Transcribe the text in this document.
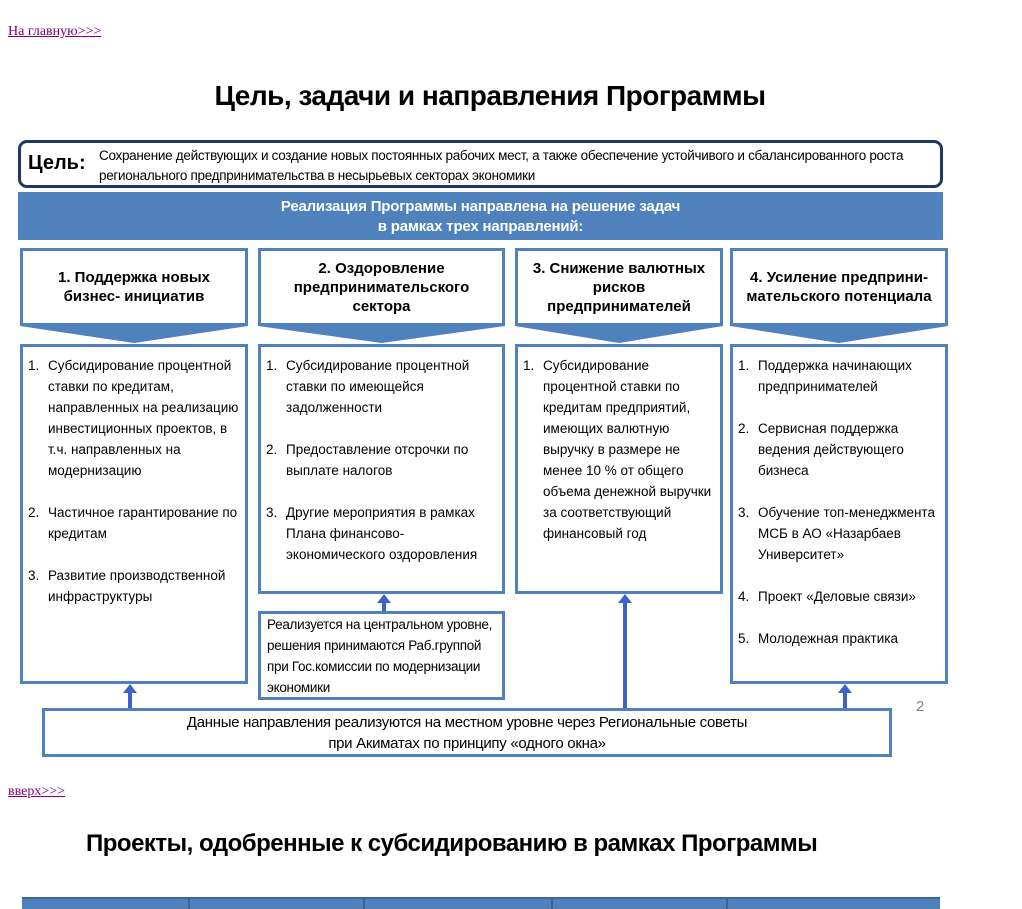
На главную>>>
Цель, задачи и направления Программы
Цель: Сохранение действующих и создание новых постоянных рабочих мест, а также обеспечение устойчивого и сбалансированного роста регионального предпринимательства в несырьевых секторах экономики
Реализация Программы направлена на решение задач
в рамках трех направлений:
1. Поддержка новых бизнес- инициатив
1. Субсидирование процентной ставки по кредитам, направленных на реализацию инвестиционных проектов, в т.ч. направленных на модернизацию
2. Частичное гарантирование по кредитам
3. Развитие производственной инфраструктуры
2. Оздоровление предпринимательского сектора
1. Субсидирование процентной ставки по имеющейся задолженности
2. Предоставление отсрочки по выплате налогов
3. Другие мероприятия в рамках Плана финансово-экономического оздоровления
3. Снижение валютных рисков предпринимателей
1. Субсидирование процентной ставки по кредитам предприятий, имеющих валютную выручку в размере не менее 10 % от общего объема денежной выручки за соответствующий финансовый год
4. Усиление предприни- мательского потенциала
1. Поддержка начинающих предпринимателей
2. Сервисная поддержка ведения действующего бизнеса
3. Обучение топ-менеджмента МСБ в АО «Назарбаев Университет»
4. Проект «Деловые связи»
5. Молодежная практика
Реализуется на центральном уровне, решения принимаются Раб.группой при Гос.комиссии по модернизации экономики
Данные направления реализуются на местном уровне через Региональные советы
при Акиматах по принципу «одного окна»
2
вверх>>>
Проекты, одобренные к субсидированию в рамках Программы
